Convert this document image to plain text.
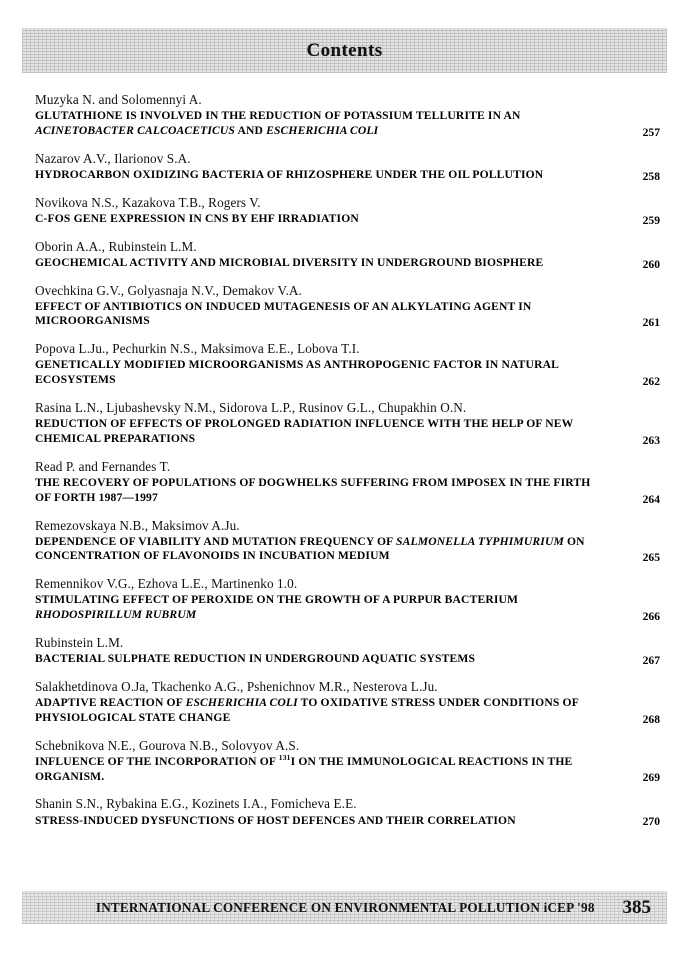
Contents
Muzyka N. and Solomennyi A.
GLUTATHIONE IS INVOLVED IN THE REDUCTION OF POTASSIUM TELLURITE IN AN ACINETOBACTER CALCOACETICUS AND ESCHERICHIA COLI	257
Nazarov A.V., Ilarionov S.A.
HYDROCARBON OXIDIZING BACTERIA OF RHIZOSPHERE UNDER THE OIL POLLUTION	258
Novikova N.S., Kazakova T.B., Rogers V.
C-FOS GENE EXPRESSION IN CNS BY EHF IRRADIATION	259
Oborin A.A., Rubinstein L.M.
GEOCHEMICAL ACTIVITY AND MICROBIAL DIVERSITY IN UNDERGROUND BIOSPHERE	260
Ovechkina G.V., Golyasnaja N.V., Demakov V.A.
EFFECT OF ANTIBIOTICS ON INDUCED MUTAGENESIS OF AN ALKYLATING AGENT IN MICROORGANISMS	261
Popova L.Ju., Pechurkin N.S., Maksimova E.E., Lobova T.I.
GENETICALLY MODIFIED MICROORGANISMS AS ANTHROPOGENIC FACTOR IN NATURAL ECOSYSTEMS	262
Rasina L.N., Ljubashevsky N.M., Sidorova L.P., Rusinov G.L., Chupakhin O.N.
REDUCTION OF EFFECTS OF PROLONGED RADIATION INFLUENCE WITH THE HELP OF NEW CHEMICAL PREPARATIONS	263
Read P. and Fernandes T.
THE RECOVERY OF POPULATIONS OF DOGWHELKS SUFFERING FROM IMPOSEX IN THE FIRTH OF FORTH 1987—1997	264
Remezovskaya N.B., Maksimov A.Ju.
DEPENDENCE OF VIABILITY AND MUTATION FREQUENCY OF SALMONELLA TYPHIMURIUM ON CONCENTRATION OF FLAVONOIDS IN INCUBATION MEDIUM	265
Remennikov V.G., Ezhova L.E., Martinenko 1.0.
STIMULATING EFFECT OF PEROXIDE ON THE GROWTH OF A PURPUR BACTERIUM RHODOSPIRILLUM RUBRUM	266
Rubinstein L.M.
BACTERIAL SULPHATE REDUCTION IN UNDERGROUND AQUATIC SYSTEMS	267
Salakhetdinova O.Ja, Tkachenko A.G., Pshenichnov M.R., Nesterova L.Ju.
ADAPTIVE REACTION OF ESCHERICHIA COLI TO OXIDATIVE STRESS UNDER CONDITIONS OF PHYSIOLOGICAL STATE CHANGE	268
Schebnikova N.E., Gourova N.B., Solovyov A.S.
INFLUENCE OF THE INCORPORATION OF $^{131}$I ON THE IMMUNOLOGICAL REACTIONS IN THE ORGANISM.	269
Shanin S.N., Rybakina E.G., Kozinets I.A., Fomicheva E.E.
STRESS-INDUCED DYSFUNCTIONS OF HOST DEFENCES AND THEIR CORRELATION	270
INTERNATIONAL CONFERENCE ON ENVIRONMENTAL POLLUTION iCEP '98	385
